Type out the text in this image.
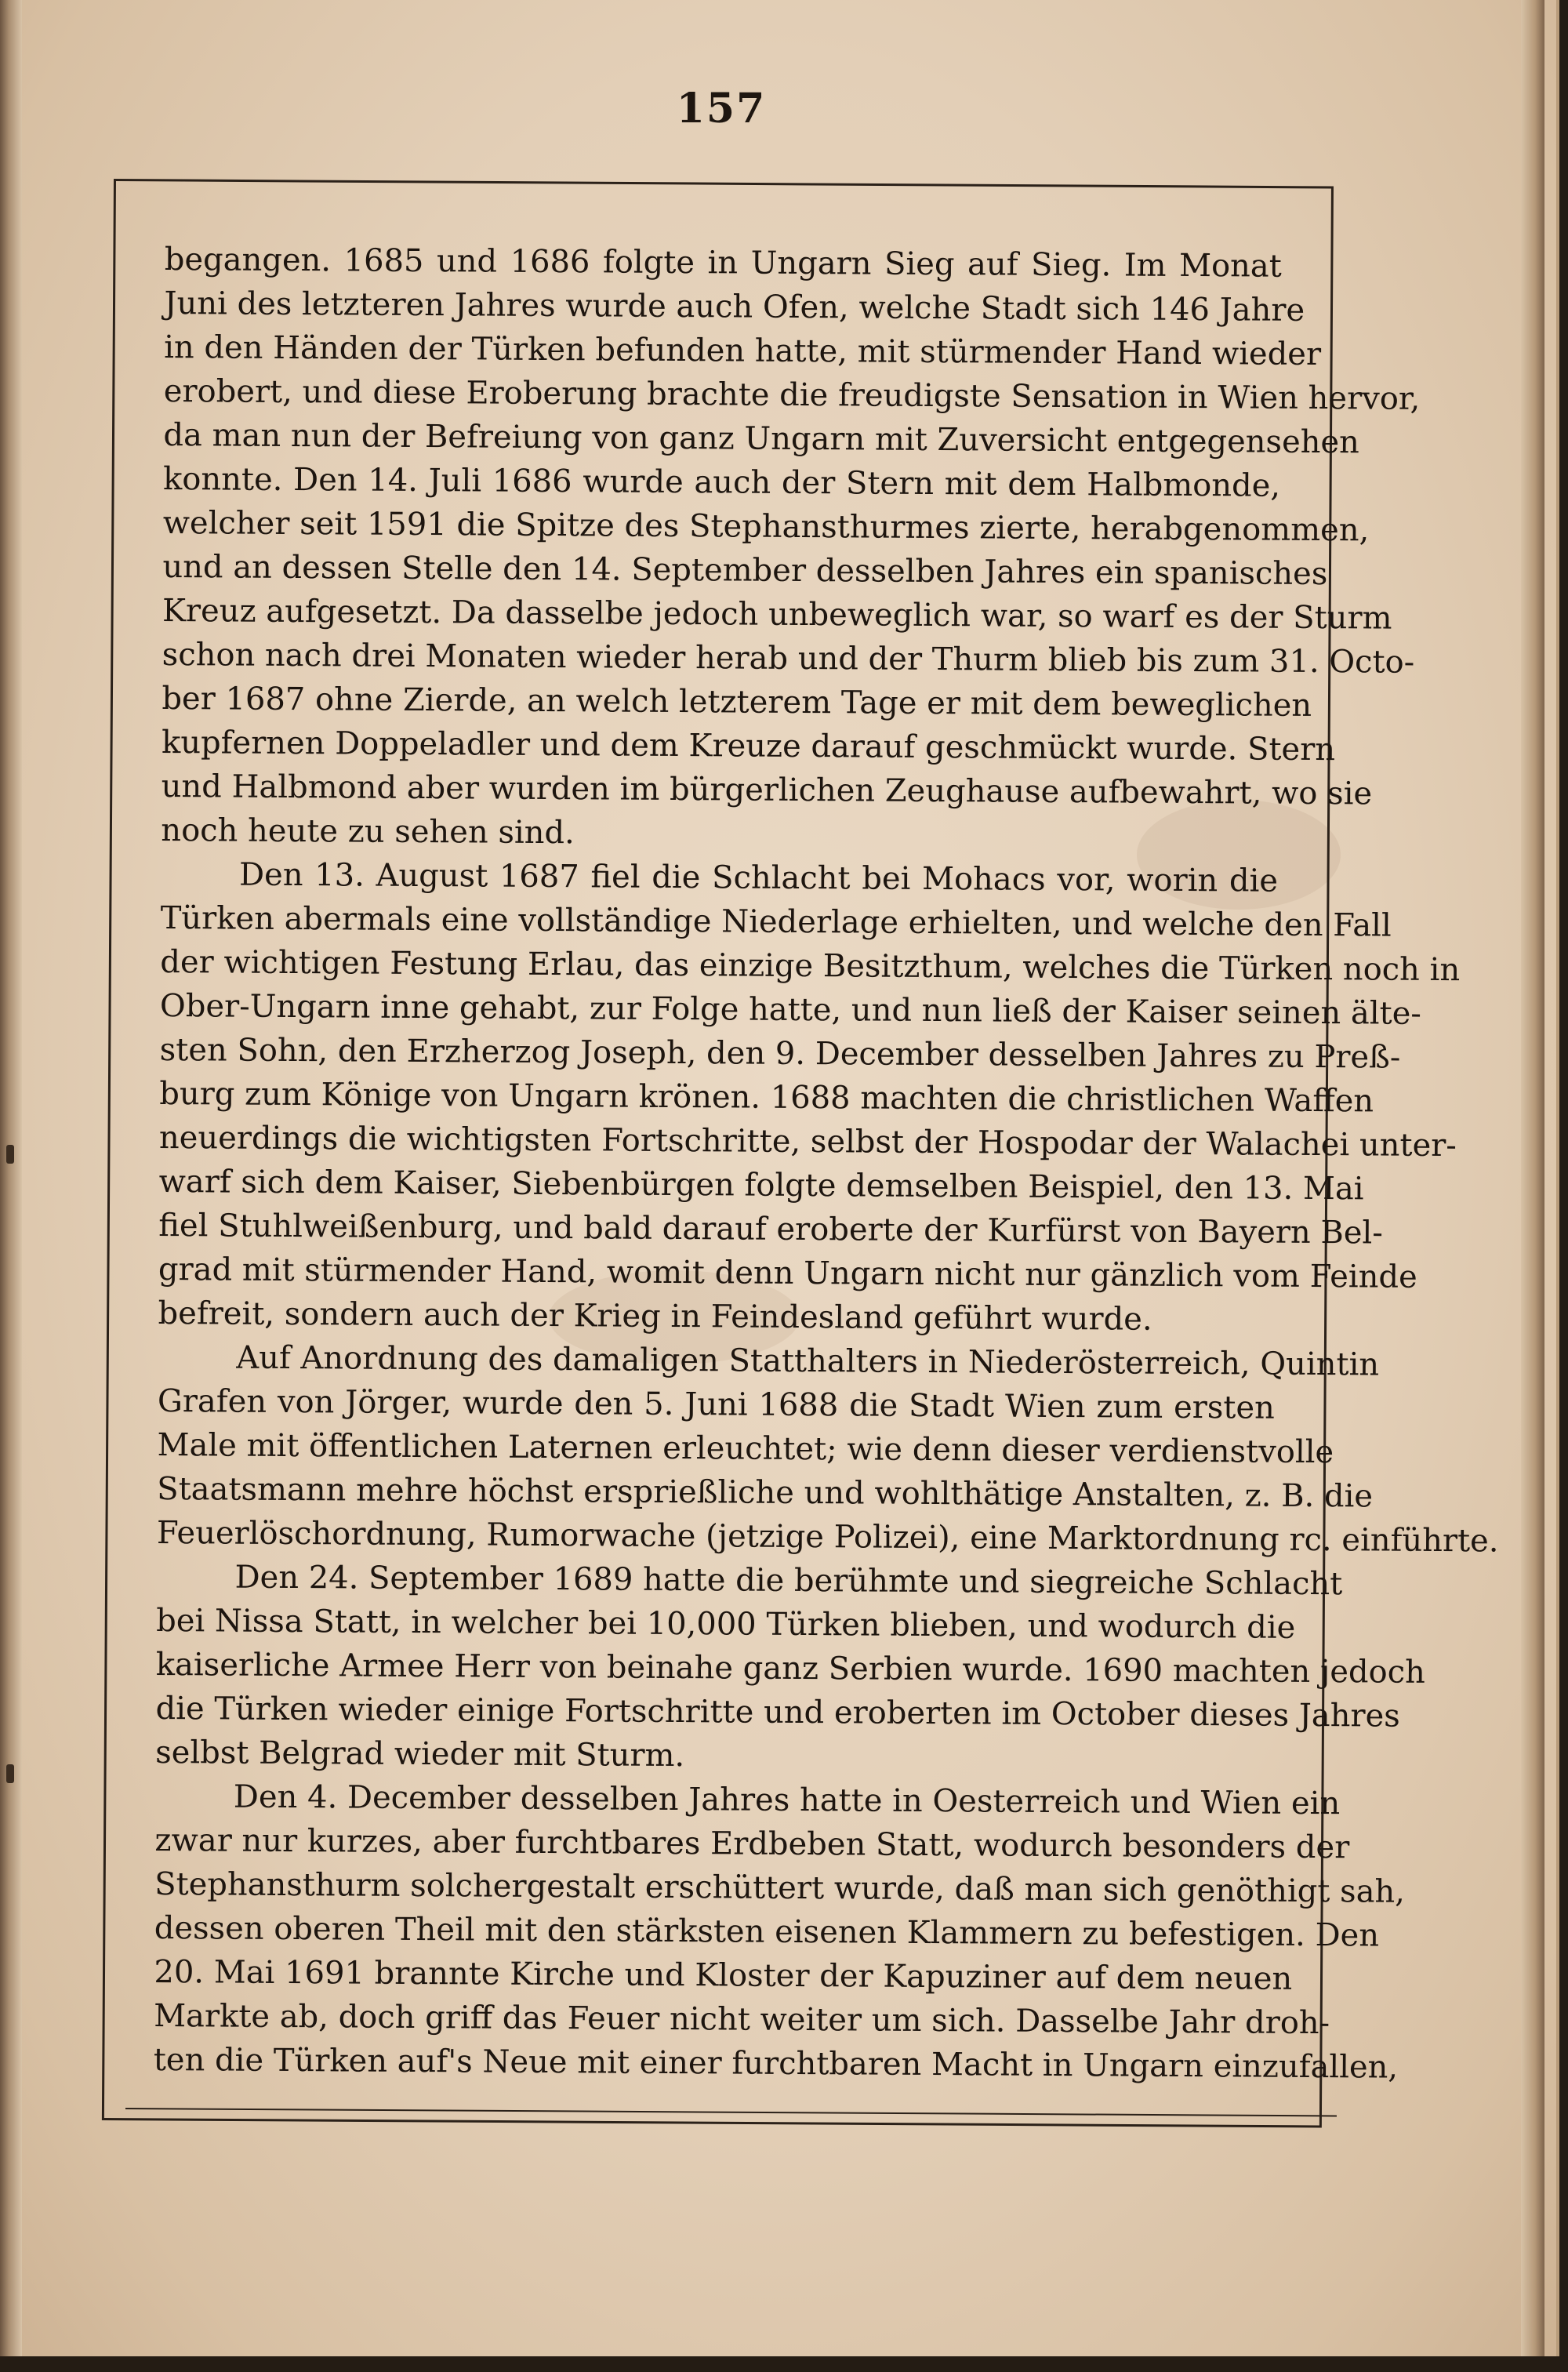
157
begangen. 1685 und 1686 folgte in Ungarn Sieg auf Sieg. Im Monat
Juni des letzteren Jahres wurde auch Ofen, welche Stadt sich 146 Jahre
in den Händen der Türken befunden hatte, mit stürmender Hand wieder
erobert, und diese Eroberung brachte die freudigste Sensation in Wien hervor,
da man nun der Befreiung von ganz Ungarn mit Zuversicht entgegensehen
konnte. Den 14. Juli 1686 wurde auch der Stern mit dem Halbmonde,
welcher seit 1591 die Spitze des Stephansthurmes zierte, herabgenommen,
und an dessen Stelle den 14. September desselben Jahres ein spanisches
Kreuz aufgesetzt. Da dasselbe jedoch unbeweglich war, so warf es der Sturm
schon nach drei Monaten wieder herab und der Thurm blieb bis zum 31. Octo-
ber 1687 ohne Zierde, an welch letzterem Tage er mit dem beweglichen
kupfernen Doppeladler und dem Kreuze darauf geschmückt wurde. Stern
und Halbmond aber wurden im bürgerlichen Zeughause aufbewahrt, wo sie
noch heute zu sehen sind.
Den 13. August 1687 fiel die Schlacht bei Mohacs vor, worin die
Türken abermals eine vollständige Niederlage erhielten, und welche den Fall
der wichtigen Festung Erlau, das einzige Besitzthum, welches die Türken noch in
Ober-Ungarn inne gehabt, zur Folge hatte, und nun ließ der Kaiser seinen älte-
sten Sohn, den Erzherzog Joseph, den 9. December desselben Jahres zu Preß-
burg zum Könige von Ungarn krönen. 1688 machten die christlichen Waffen
neuerdings die wichtigsten Fortschritte, selbst der Hospodar der Walachei unter-
warf sich dem Kaiser, Siebenbürgen folgte demselben Beispiel, den 13. Mai
fiel Stuhlweißenburg, und bald darauf eroberte der Kurfürst von Bayern Bel-
grad mit stürmender Hand, womit denn Ungarn nicht nur gänzlich vom Feinde
befreit, sondern auch der Krieg in Feindesland geführt wurde.
Auf Anordnung des damaligen Statthalters in Niederösterreich, Quintin
Grafen von Jörger, wurde den 5. Juni 1688 die Stadt Wien zum ersten
Male mit öffentlichen Laternen erleuchtet; wie denn dieser verdienstvolle
Staatsmann mehre höchst ersprießliche und wohlthätige Anstalten, z. B. die
Feuerlöschordnung, Rumorwache (jetzige Polizei), eine Marktordnung rc. einführte.
Den 24. September 1689 hatte die berühmte und siegreiche Schlacht
bei Nissa Statt, in welcher bei 10,000 Türken blieben, und wodurch die
kaiserliche Armee Herr von beinahe ganz Serbien wurde. 1690 machten jedoch
die Türken wieder einige Fortschritte und eroberten im October dieses Jahres
selbst Belgrad wieder mit Sturm.
Den 4. December desselben Jahres hatte in Oesterreich und Wien ein
zwar nur kurzes, aber furchtbares Erdbeben Statt, wodurch besonders der
Stephansthurm solchergestalt erschüttert wurde, daß man sich genöthigt sah,
dessen oberen Theil mit den stärksten eisenen Klammern zu befestigen. Den
20. Mai 1691 brannte Kirche und Kloster der Kapuziner auf dem neuen
Markte ab, doch griff das Feuer nicht weiter um sich. Dasselbe Jahr droh-
ten die Türken auf's Neue mit einer furchtbaren Macht in Ungarn einzufallen,
